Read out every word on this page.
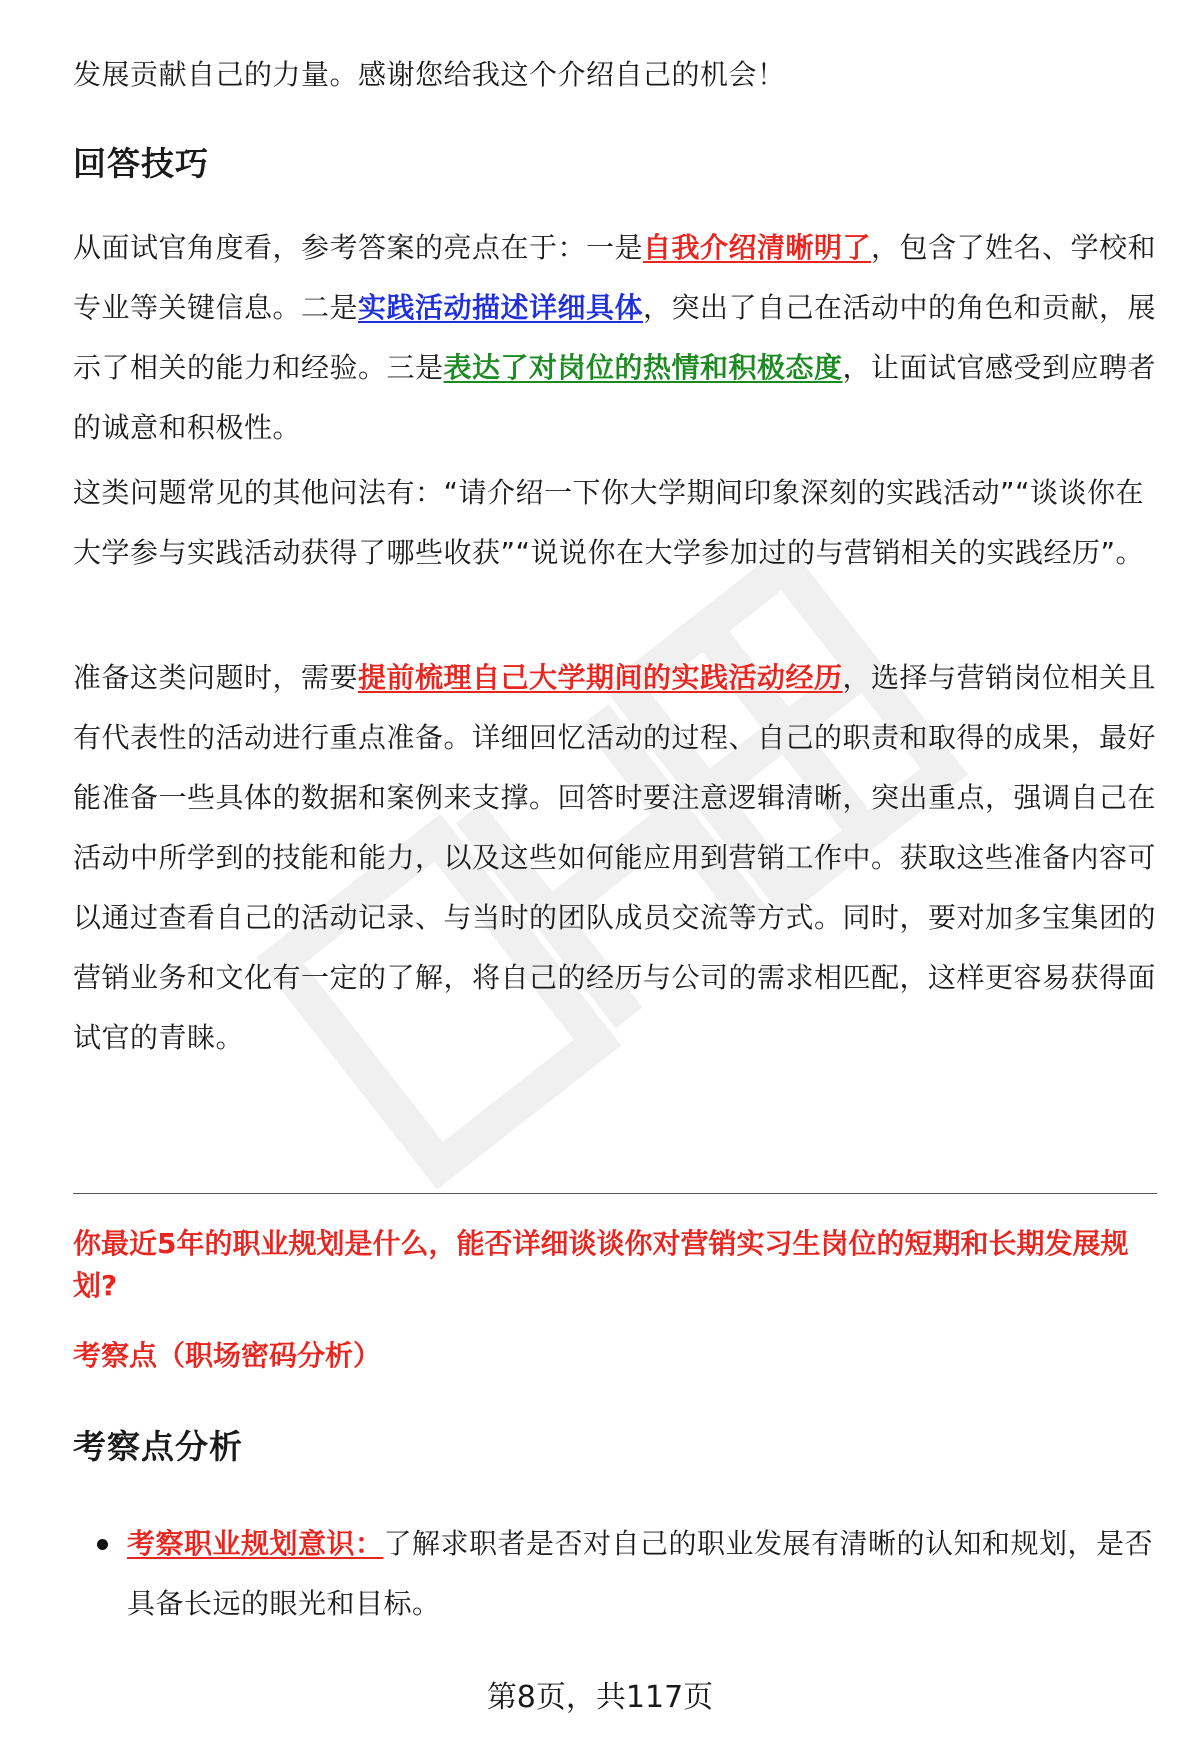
发展贡献自己的力量。感谢您给我这个介绍自己的机会！

回答技巧

从面试官角度看，参考答案的亮点在于：一是自我介绍清晰明了，包含了姓名、学校和专业等关键信息。二是实践活动描述详细具体，突出了自己在活动中的角色和贡献，展示了相关的能力和经验。三是表达了对岗位的热情和积极态度，让面试官感受到应聘者的诚意和积极性。

这类问题常见的其他问法有：“请介绍一下你大学期间印象深刻的实践活动”“谈谈你在大学参与实践活动获得了哪些收获”“说说你在大学参加过的与营销相关的实践经历”。

准备这类问题时，需要提前梳理自己大学期间的实践活动经历，选择与营销岗位相关且有代表性的活动进行重点准备。详细回忆活动的过程、自己的职责和取得的成果，最好能准备一些具体的数据和案例来支撑。回答时要注意逻辑清晰，突出重点，强调自己在活动中所学到的技能和能力，以及这些如何能应用到营销工作中。获取这些准备内容可以通过查看自己的活动记录、与当时的团队成员交流等方式。同时，要对加多宝集团的营销业务和文化有一定的了解，将自己的经历与公司的需求相匹配，这样更容易获得面试官的青睐。

你最近5年的职业规划是什么，能否详细谈谈你对营销实习生岗位的短期和长期发展规划?

考察点（职场密码分析）

考察点分析
考察职业规划意识：了解求职者是否对自己的职业发展有清晰的认知和规划，是否具备长远的眼光和目标。
第8页，共117页
